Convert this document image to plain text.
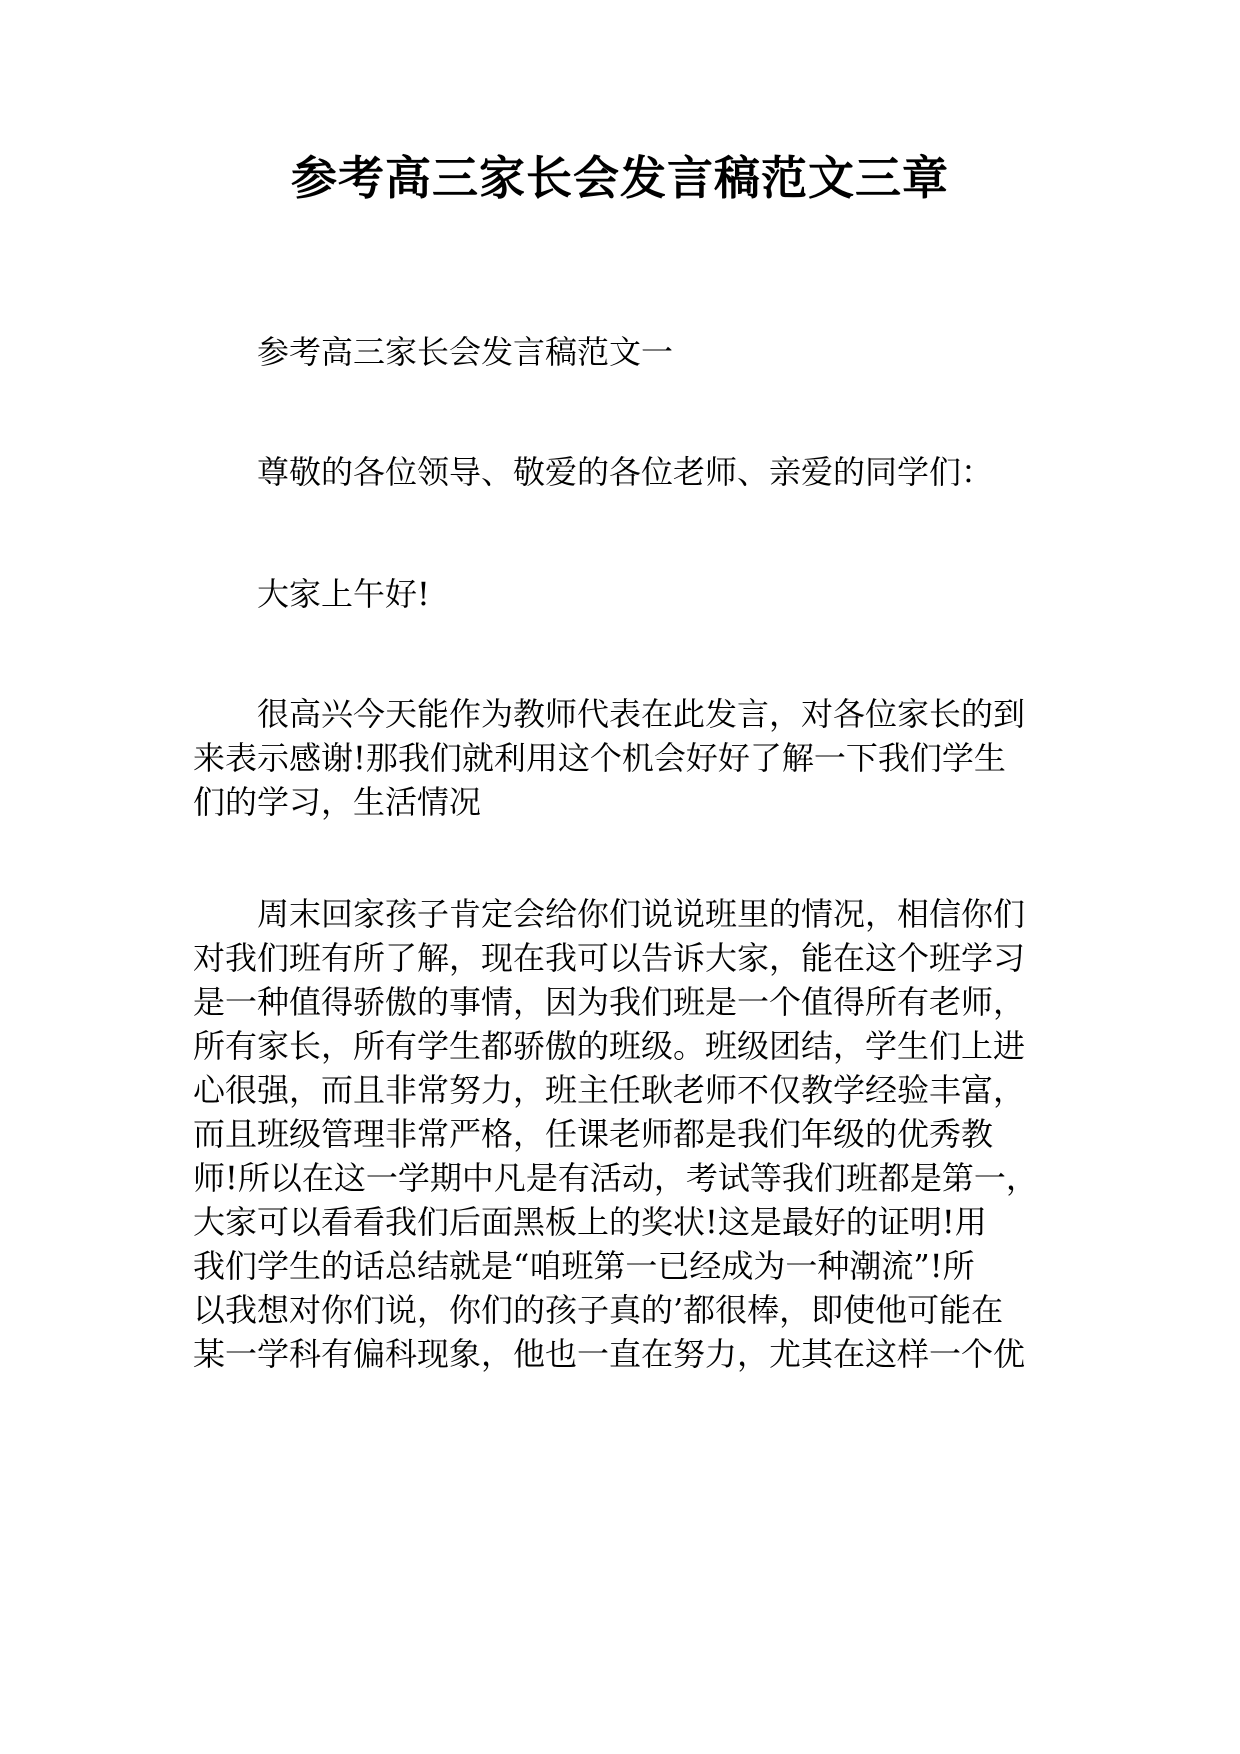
参考高三家长会发言稿范文三章

参考高三家长会发言稿范文一

尊敬的各位领导、敬爱的各位老师、亲爱的同学们：

大家上午好!

很高兴今天能作为教师代表在此发言，对各位家长的到
来表示感谢!那我们就利用这个机会好好了解一下我们学生
们的学习，生活情况

周末回家孩子肯定会给你们说说班里的情况，相信你们
对我们班有所了解，现在我可以告诉大家，能在这个班学习
是一种值得骄傲的事情，因为我们班是一个值得所有老师，
所有家长，所有学生都骄傲的班级。班级团结，学生们上进
心很强，而且非常努力，班主任耿老师不仅教学经验丰富，
而且班级管理非常严格，任课老师都是我们年级的优秀教
师!所以在这一学期中凡是有活动，考试等我们班都是第一，
大家可以看看我们后面黑板上的奖状!这是最好的证明!用
我们学生的话总结就是“咱班第一已经成为一种潮流”!所
以我想对你们说，你们的孩子真的’都很棒，即使他可能在
某一学科有偏科现象，他也一直在努力，尤其在这样一个优
